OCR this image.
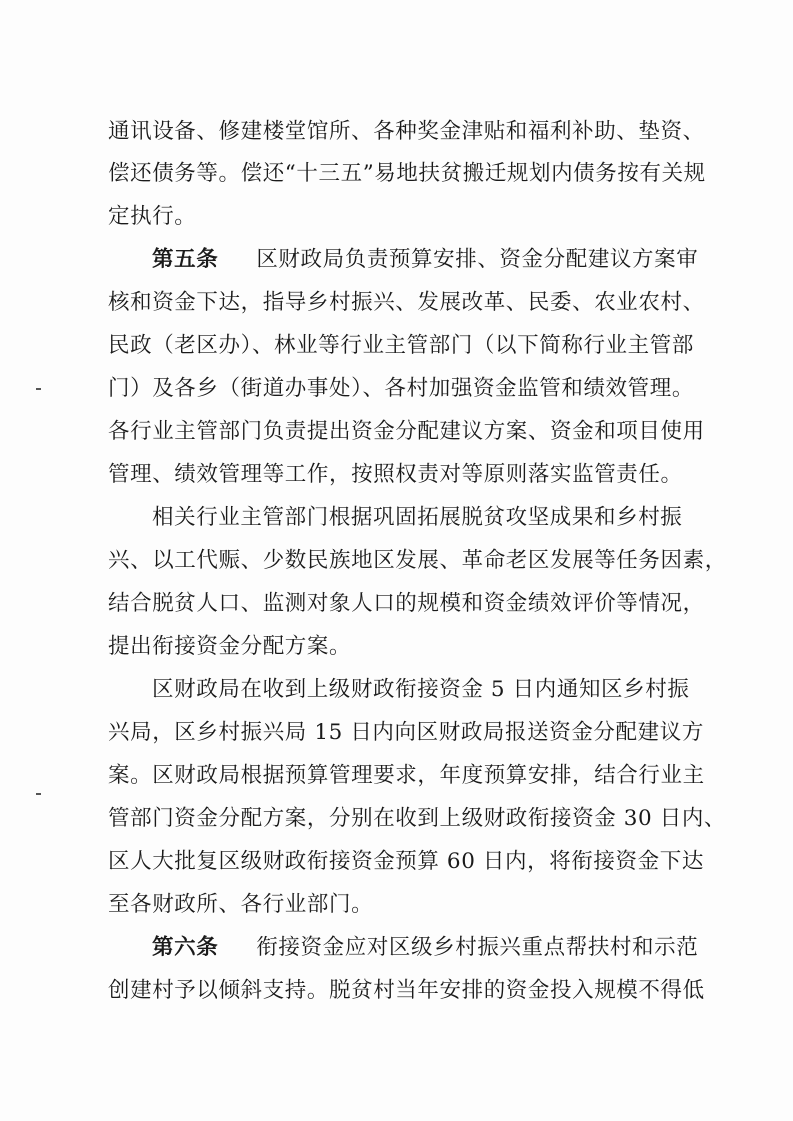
通讯设备、修建楼堂馆所、各种奖金津贴和福利补助、垫资、
偿还债务等。偿还“十三五”易地扶贫搬迁规划内债务按有关规
定执行。
第五条 区财政局负责预算安排、资金分配建议方案审
核和资金下达，指导乡村振兴、发展改革、民委、农业农村、
民政（老区办）、林业等行业主管部门（以下简称行业主管部
门）及各乡（街道办事处）、各村加强资金监管和绩效管理。
各行业主管部门负责提出资金分配建议方案、资金和项目使用
管理、绩效管理等工作，按照权责对等原则落实监管责任。
相关行业主管部门根据巩固拓展脱贫攻坚成果和乡村振
兴、以工代赈、少数民族地区发展、革命老区发展等任务因素，
结合脱贫人口、监测对象人口的规模和资金绩效评价等情况，
提出衔接资金分配方案。
区财政局在收到上级财政衔接资金 5 日内通知区乡村振
兴局，区乡村振兴局 15 日内向区财政局报送资金分配建议方
案。区财政局根据预算管理要求，年度预算安排，结合行业主
管部门资金分配方案，分别在收到上级财政衔接资金 30 日内、
区人大批复区级财政衔接资金预算 60 日内，将衔接资金下达
至各财政所、各行业部门。
第六条 衔接资金应对区级乡村振兴重点帮扶村和示范
创建村予以倾斜支持。脱贫村当年安排的资金投入规模不得低
